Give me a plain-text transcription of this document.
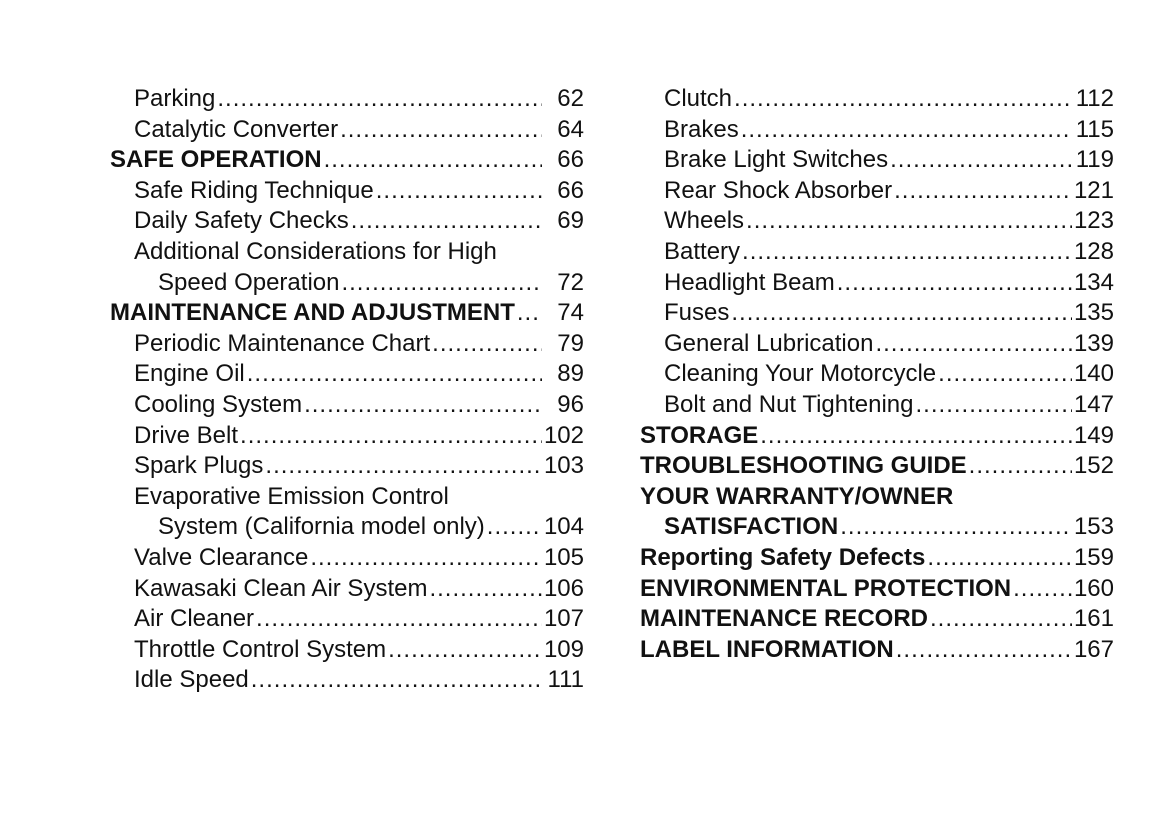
Parking .....	62
Catalytic Converter .....	64
SAFE OPERATION .....	66
Safe Riding Technique .....	66
Daily Safety Checks .....	69
Additional Considerations for High
Speed Operation .....	72
MAINTENANCE AND ADJUSTMENT .....	74
Periodic Maintenance Chart .....	79
Engine Oil .....	89
Cooling System .....	96
Drive Belt .....	102
Spark Plugs .....	103
Evaporative Emission Control
System (California model only) ..... 104
Valve Clearance .....	105
Kawasaki Clean Air System .....	106
Air Cleaner .....	107
Throttle Control System .....	109
Idle Speed .....	111
Clutch .....	112
Brakes .....	115
Brake Light Switches .....	119
Rear Shock Absorber .....	121
Wheels .....	123
Battery .....	128
Headlight Beam .....	134
Fuses .....	135
General Lubrication .....	139
Cleaning Your Motorcycle .....	140
Bolt and Nut Tightening .....	147
STORAGE .....	149
TROUBLESHOOTING GUIDE .....	152
YOUR WARRANTY/OWNER
SATISFACTION .....	153
Reporting Safety Defects .....	159
ENVIRONMENTAL PROTECTION .....	160
MAINTENANCE RECORD .....	161
LABEL INFORMATION .....	167
